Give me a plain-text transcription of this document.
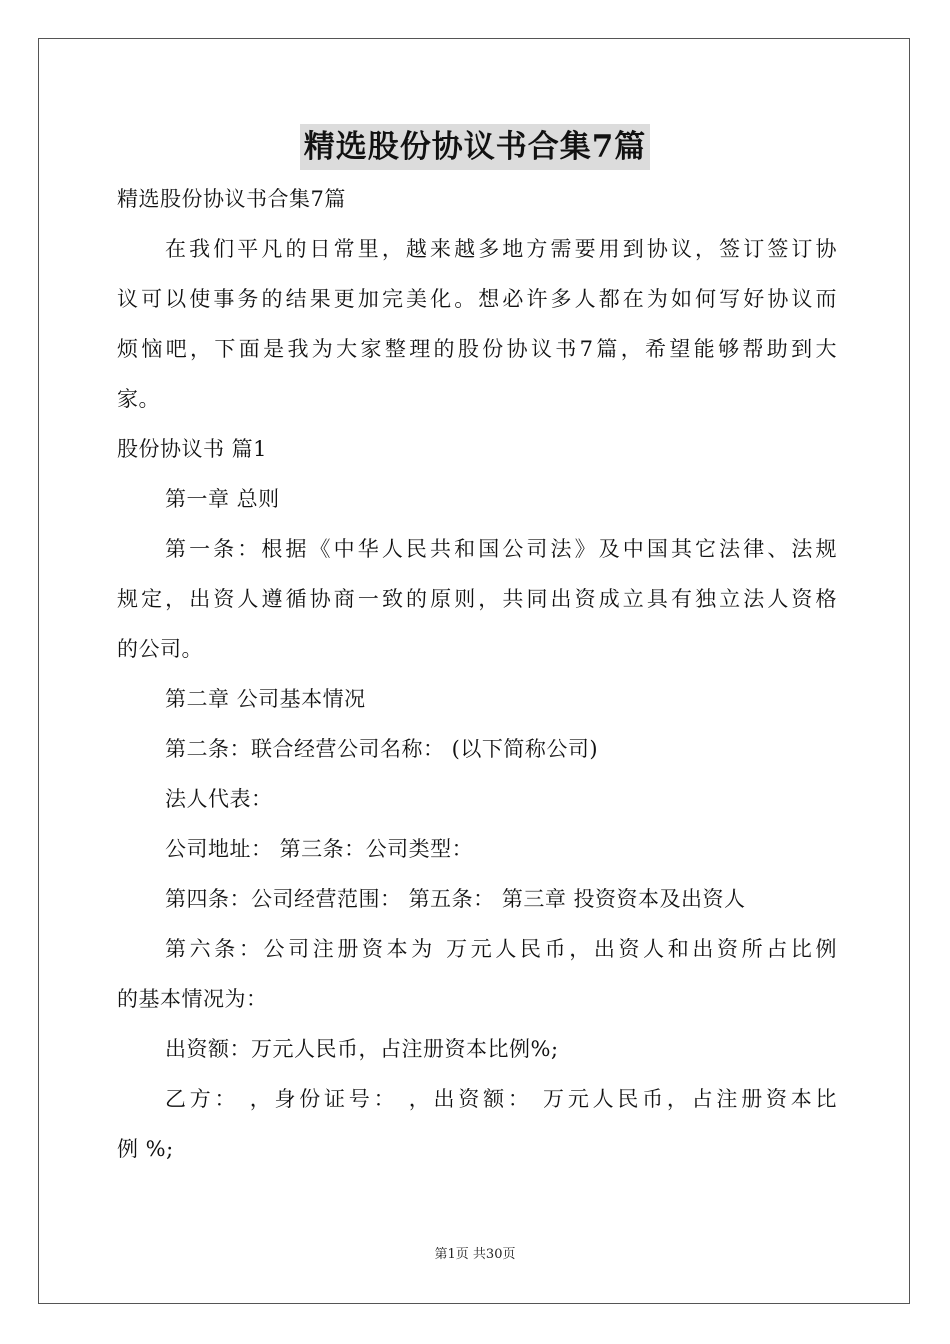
精选股份协议书合集7篇
精选股份协议书合集7篇
在我们平凡的日常里，越来越多地方需要用到协议，签订签订协
议可以使事务的结果更加完美化。想必许多人都在为如何写好协议而
烦恼吧，下面是我为大家整理的股份协议书7篇，希望能够帮助到大
家。
股份协议书 篇1
第一章 总则
第一条：根据《中华人民共和国公司法》及中国其它法律、法规
规定，出资人遵循协商一致的原则，共同出资成立具有独立法人资格
的公司。
第二章 公司基本情况
第二条：联合经营公司名称： (以下简称公司)
法人代表：
公司地址： 第三条：公司类型：
第四条：公司经营范围： 第五条： 第三章 投资资本及出资人
第六条：公司注册资本为 万元人民币，出资人和出资所占比例
的基本情况为：
出资额：万元人民币，占注册资本比例%;
乙方： ，身份证号： ，出资额： 万元人民币，占注册资本比
例 %;
第1页 共30页
